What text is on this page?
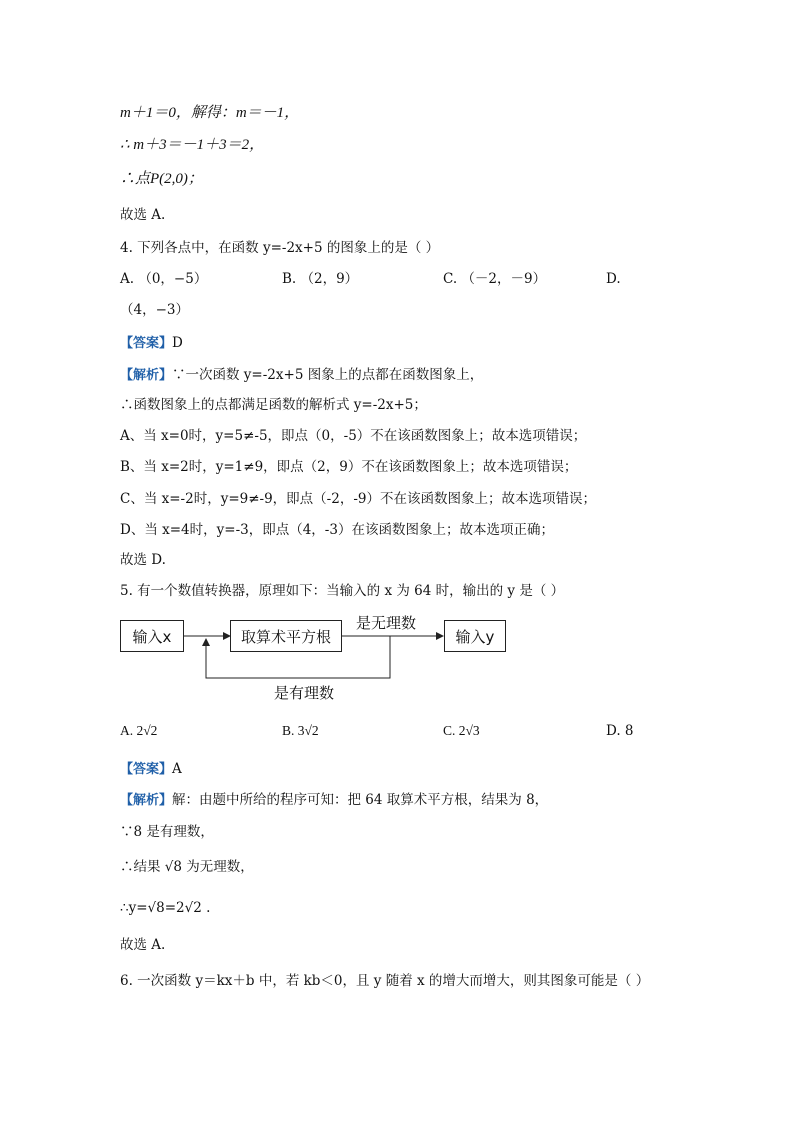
m＋1＝0，解得：m＝－1，
∴ m＋3＝－1＋3＝2，
∴点P(2,0)；
故选 A.
4. 下列各点中，在函数 y=-2x+5 的图象上的是（ ）
A. （0，−5）	B. （2，9）	C. （－2，－9）	D.
（4，−3）
【答案】D
【解析】∵一次函数 y=-2x+5 图象上的点都在函数图象上，
∴函数图象上的点都满足函数的解析式 y=-2x+5；
A、当 x=0时，y=5≠-5，即点（0，-5）不在该函数图象上；故本选项错误；
B、当 x=2时，y=1≠9，即点（2，9）不在该函数图象上；故本选项错误；
C、当 x=-2时，y=9≠-9，即点（-2，-9）不在该函数图象上；故本选项错误；
D、当 x=4时，y=-3，即点（4，-3）在该函数图象上；故本选项正确；
故选 D.
5. 有一个数值转换器，原理如下：当输入的 x 为 64 时，输出的 y 是（ ）
输入x	取算术平方根	输入y
是无理数
是有理数
A. 2√2	B. 3√2	C. 2√3	D. 8
【答案】A
【解析】解：由题中所给的程序可知：把 64 取算术平方根，结果为 8，
∵8 是有理数，
∴结果 √8 为无理数，
∴y=√8=2√2 .
故选 A.
6. 一次函数 y＝kx＋b 中，若 kb＜0，且 y 随着 x 的增大而增大，则其图象可能是（ ）
